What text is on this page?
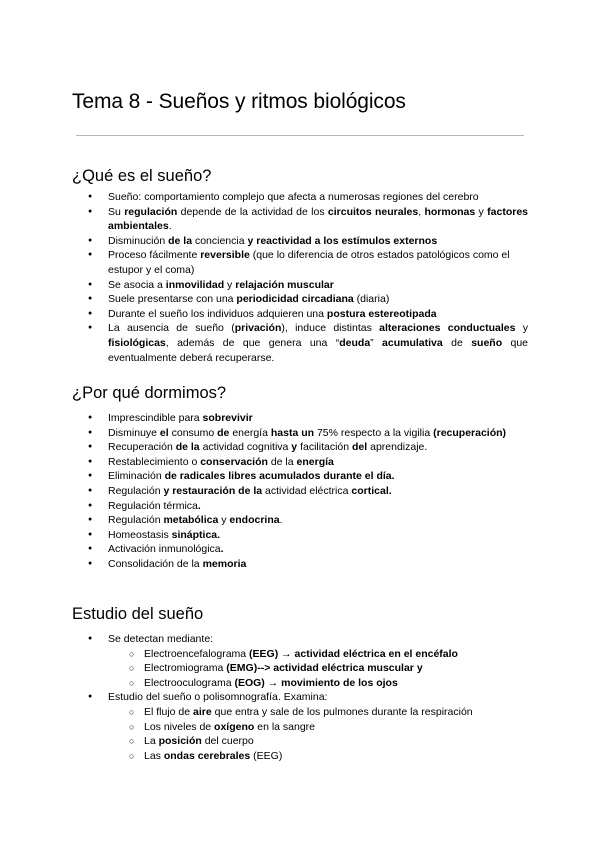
Tema 8 - Sueños y ritmos biológicos
¿Qué es el sueño?
● Sueño: comportamiento complejo que afecta a numerosas regiones del cerebro
● Su regulación depende de la actividad de los circuitos neurales, hormonas y factores ambientales.
● Disminución de la conciencia y reactividad a los estímulos externos
● Proceso fácilmente reversible (que lo diferencia de otros estados patológicos como el estupor y el coma)
● Se asocia a inmovilidad y relajación muscular
● Suele presentarse con una periodicidad circadiana (diaria)
● Durante el sueño los individuos adquieren una postura estereotipada
● La ausencia de sueño (privación), induce distintas alteraciones conductuales y fisiológicas, además de que genera una “deuda” acumulativa de sueño que eventualmente deberá recuperarse.
¿Por qué dormimos?
● Imprescindible para sobrevivir
● Disminuye el consumo de energía hasta un 75% respecto a la vigilia (recuperación)
● Recuperación de la actividad cognitiva y facilitación del aprendizaje.
● Restablecimiento o conservación de la energía
● Eliminación de radicales libres acumulados durante el día.
● Regulación y restauración de la actividad eléctrica cortical.
● Regulación térmica.
● Regulación metabólica y endocrina.
● Homeostasis sináptica.
● Activación inmunológica.
● Consolidación de la memoria
Estudio del sueño
● Se detectan mediante:
○ Electroencefalograma (EEG) → actividad eléctrica en el encéfalo
○ Electromiograma (EMG)--> actividad eléctrica muscular y
○ Electrooculograma (EOG) → movimiento de los ojos
● Estudio del sueño o polisomnografía. Examina:
○ El flujo de aire que entra y sale de los pulmones durante la respiración
○ Los niveles de oxígeno en la sangre
○ La posición del cuerpo
○ Las ondas cerebrales (EEG)
